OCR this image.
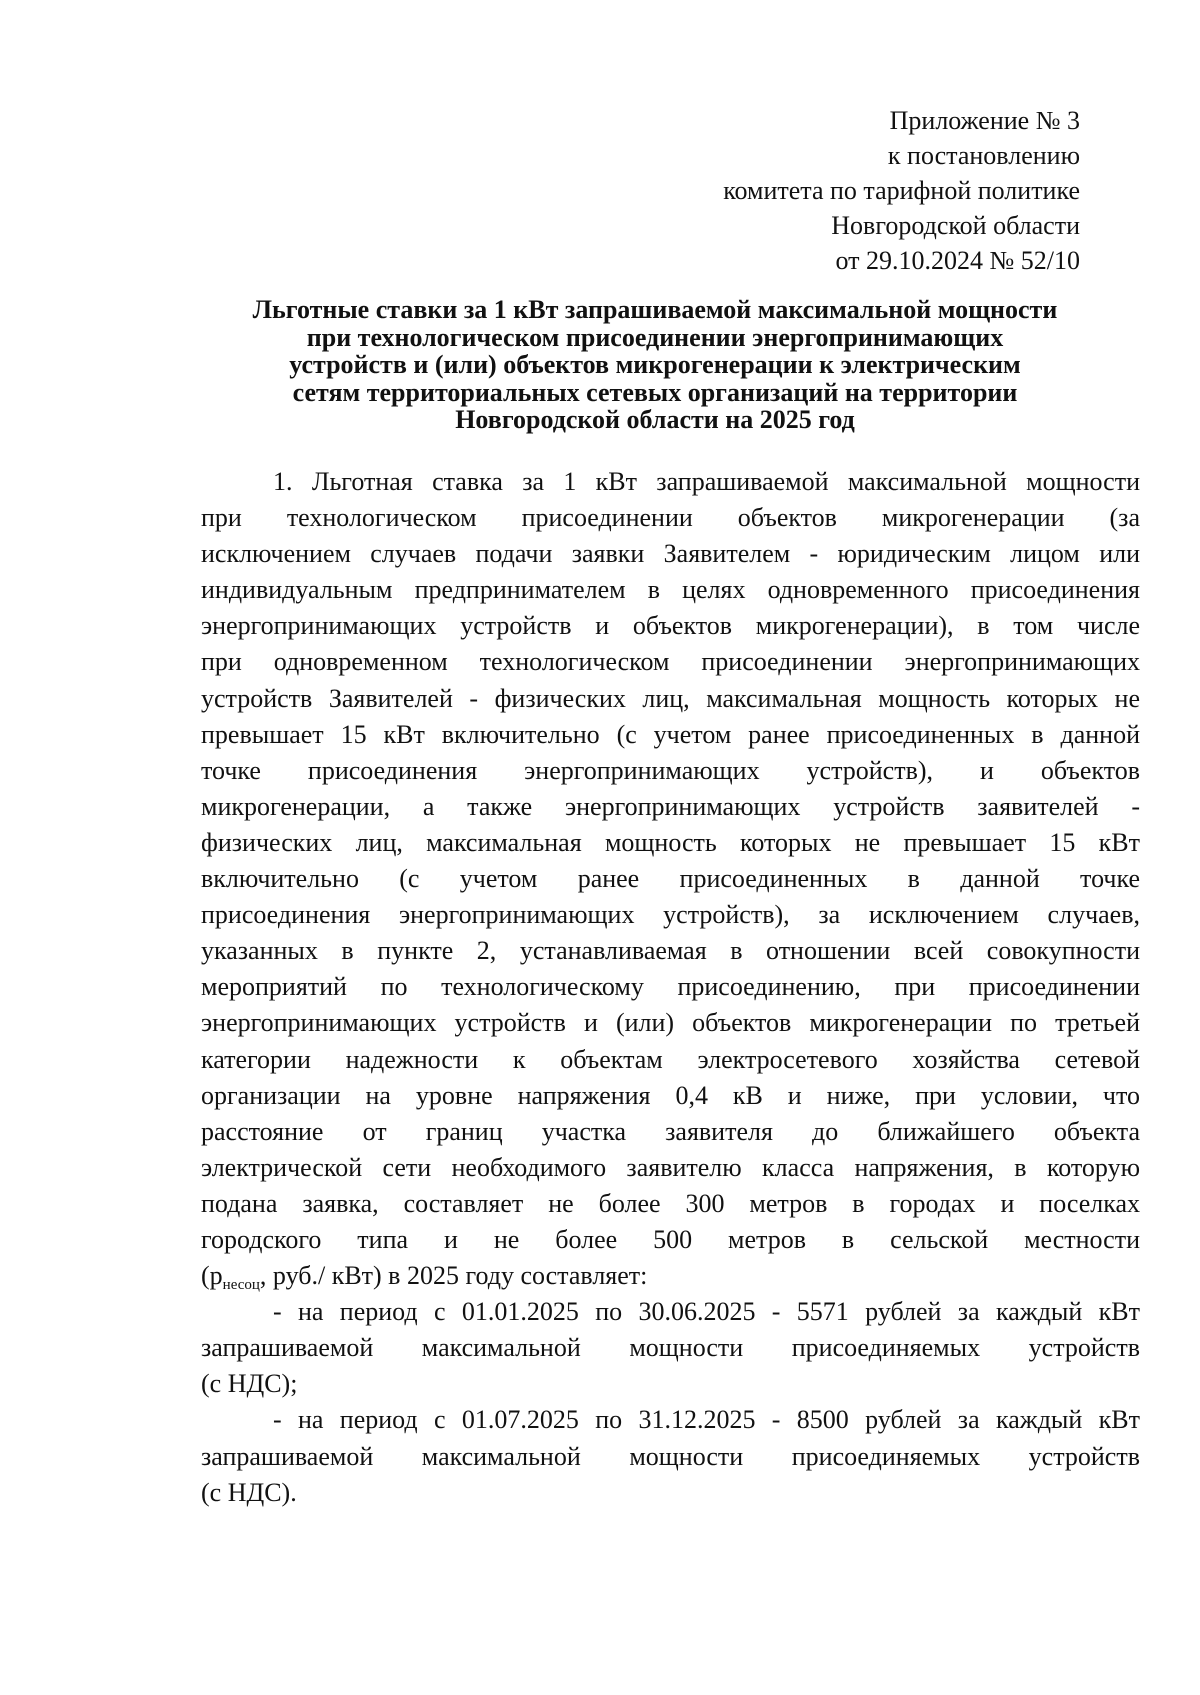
Приложение № 3
к постановлению
комитета по тарифной политике
Новгородской области
от 29.10.2024 № 52/10
Льготные ставки за 1 кВт запрашиваемой максимальной мощности
при технологическом присоединении энергопринимающих
устройств и (или) объектов микрогенерации к электрическим
сетям территориальных сетевых организаций на территории
Новгородской области на 2025 год
1. Льготная ставка за 1 кВт запрашиваемой максимальной мощности
при технологическом присоединении объектов микрогенерации (за
исключением случаев подачи заявки Заявителем - юридическим лицом или
индивидуальным предпринимателем в целях одновременного присоединения
энергопринимающих устройств и объектов микрогенерации), в том числе
при одновременном технологическом присоединении энергопринимающих
устройств Заявителей - физических лиц, максимальная мощность которых не
превышает 15 кВт включительно (с учетом ранее присоединенных в данной
точке присоединения энергопринимающих устройств), и объектов
микрогенерации, а также энергопринимающих устройств заявителей -
физических лиц, максимальная мощность которых не превышает 15 кВт
включительно (с учетом ранее присоединенных в данной точке
присоединения энергопринимающих устройств), за исключением случаев,
указанных в пункте 2, устанавливаемая в отношении всей совокупности
мероприятий по технологическому присоединению, при присоединении
энергопринимающих устройств и (или) объектов микрогенерации по третьей
категории надежности к объектам электросетевого хозяйства сетевой
организации на уровне напряжения 0,4 кВ и ниже, при условии, что
расстояние от границ участка заявителя до ближайшего объекта
электрической сети необходимого заявителю класса напряжения, в которую
подана заявка, составляет не более 300 метров в городах и поселках
городского типа и не более 500 метров в сельской местности
(рнесоц, руб./ кВт) в 2025 году составляет:
- на период с 01.01.2025 по 30.06.2025 - 5571 рублей за каждый кВт
запрашиваемой максимальной мощности присоединяемых устройств
(с НДС);
- на период с 01.07.2025 по 31.12.2025 - 8500 рублей за каждый кВт
запрашиваемой максимальной мощности присоединяемых устройств
(с НДС).
